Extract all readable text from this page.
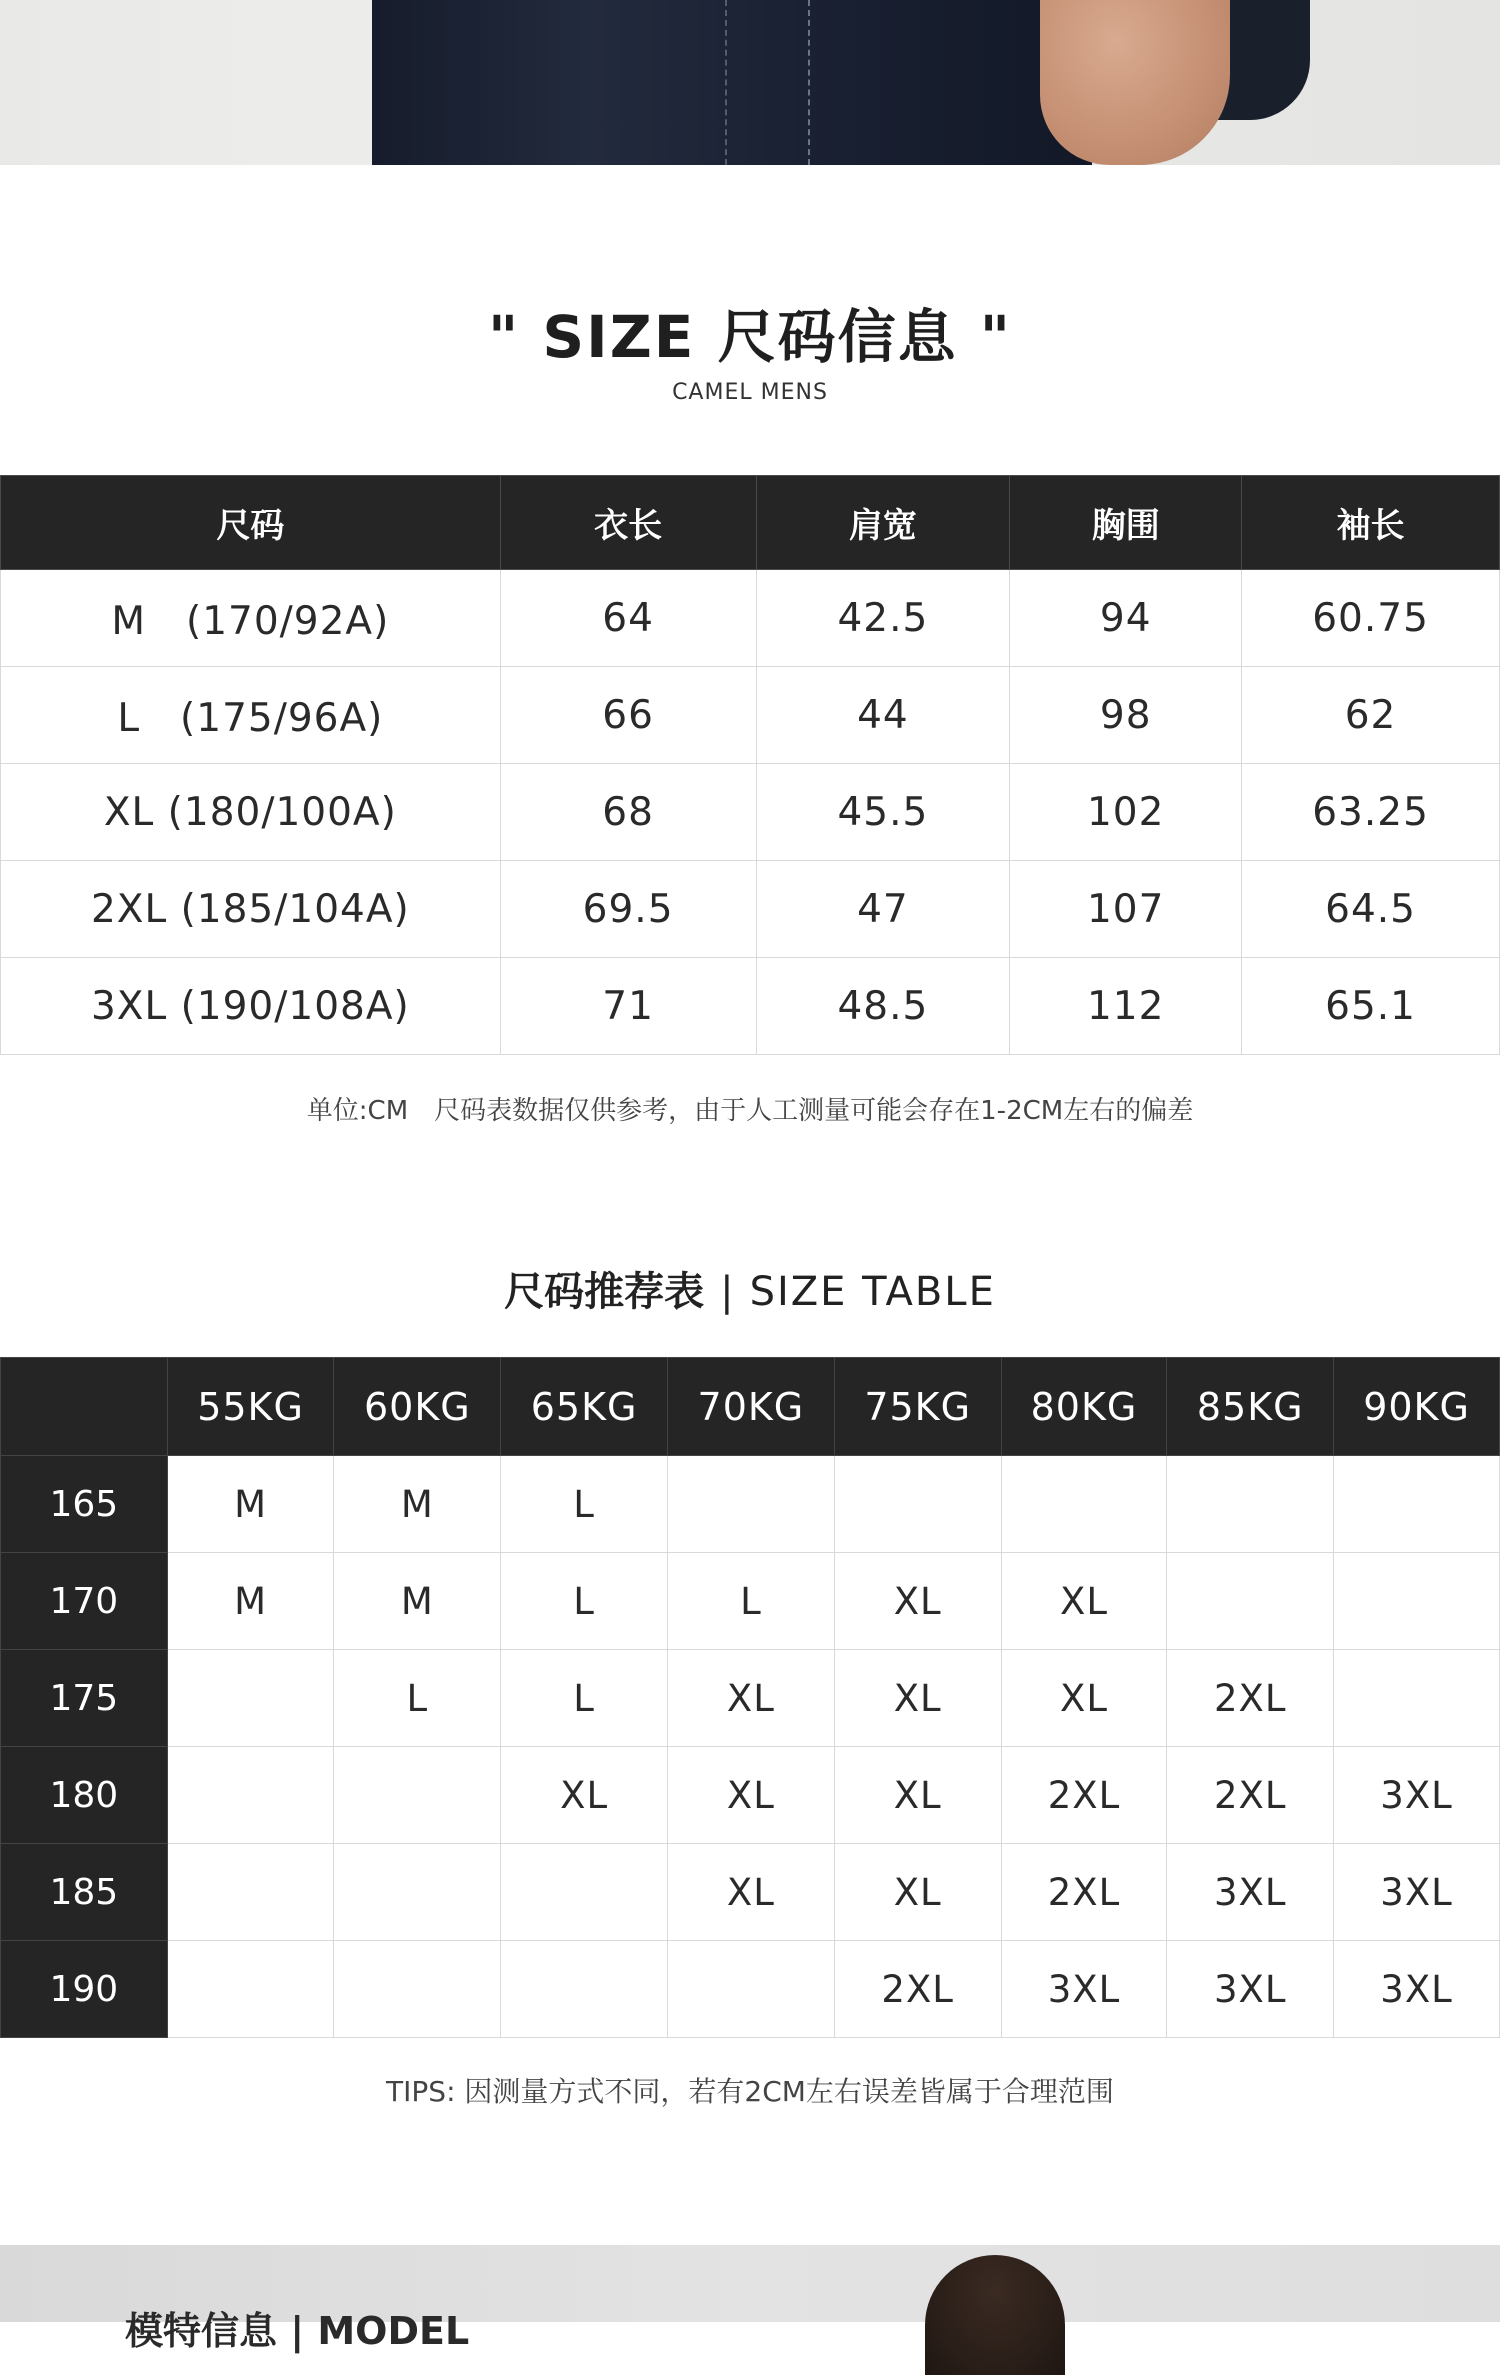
" SIZE 尺码信息 "
CAMEL MENS
尺码	衣长	肩宽	胸围	袖长
M　(170/92A)	64	42.5	94	60.75
L　(175/96A)	66	44	98	62
XL (180/100A)	68	45.5	102	63.25
2XL (185/104A)	69.5	47	107	64.5
3XL (190/108A)	71	48.5	112	65.1
单位:CM　尺码表数据仅供参考，由于人工测量可能会存在1-2CM左右的偏差
尺码推荐表 | SIZE TABLE
	55KG	60KG	65KG	70KG	75KG	80KG	85KG	90KG
165	M	M	L					
170	M	M	L	L	XL	XL		
175		L	L	XL	XL	XL	2XL	
180			XL	XL	XL	2XL	2XL	3XL
185				XL	XL	2XL	3XL	3XL
190					2XL	3XL	3XL	3XL
TIPS: 因测量方式不同，若有2CM左右误差皆属于合理范围
模特信息 | MODEL
